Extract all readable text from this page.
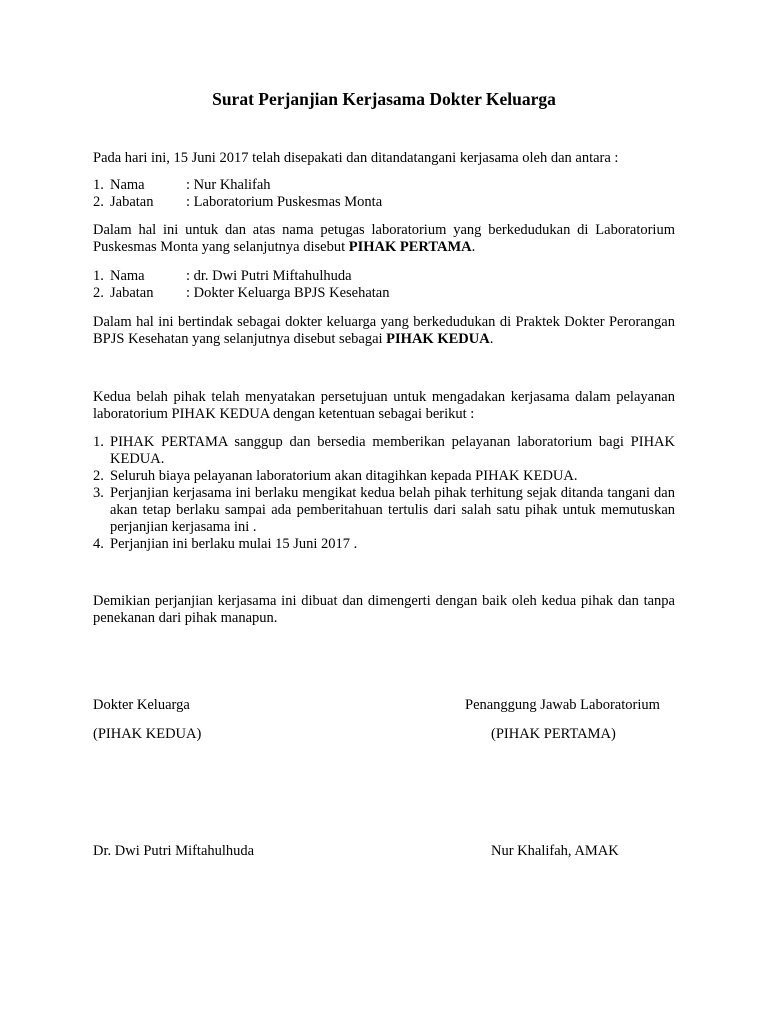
Surat Perjanjian Kerjasama Dokter Keluarga
Pada hari ini, 15 Juni 2017 telah disepakati dan ditandatangani kerjasama oleh dan antara :
1. Nama	: Nur Khalifah
2. Jabatan	: Laboratorium Puskesmas Monta
Dalam hal ini untuk dan atas nama petugas laboratorium yang berkedudukan di Laboratorium Puskesmas Monta yang selanjutnya disebut PIHAK PERTAMA.
1. Nama	: dr. Dwi Putri Miftahulhuda
2. Jabatan	: Dokter Keluarga BPJS Kesehatan
Dalam hal ini bertindak sebagai dokter keluarga yang berkedudukan di Praktek Dokter Perorangan BPJS Kesehatan yang selanjutnya disebut sebagai PIHAK KEDUA.
Kedua belah pihak telah menyatakan persetujuan untuk mengadakan kerjasama dalam pelayanan laboratorium PIHAK KEDUA dengan ketentuan sebagai berikut :
1. PIHAK PERTAMA sanggup dan bersedia memberikan pelayanan laboratorium bagi PIHAK KEDUA.
2. Seluruh biaya pelayanan laboratorium akan ditagihkan kepada PIHAK KEDUA.
3. Perjanjian kerjasama ini berlaku mengikat kedua belah pihak terhitung sejak ditanda tangani dan akan tetap berlaku sampai ada pemberitahuan tertulis dari salah satu pihak untuk memutuskan perjanjian kerjasama ini .
4. Perjanjian ini berlaku mulai 15 Juni 2017 .
Demikian perjanjian kerjasama ini dibuat dan dimengerti dengan baik oleh kedua pihak dan tanpa penekanan dari pihak manapun.
Dokter Keluarga
(PIHAK KEDUA)
Dr. Dwi Putri Miftahulhuda
Penanggung Jawab Laboratorium
(PIHAK PERTAMA)
Nur Khalifah, AMAK
